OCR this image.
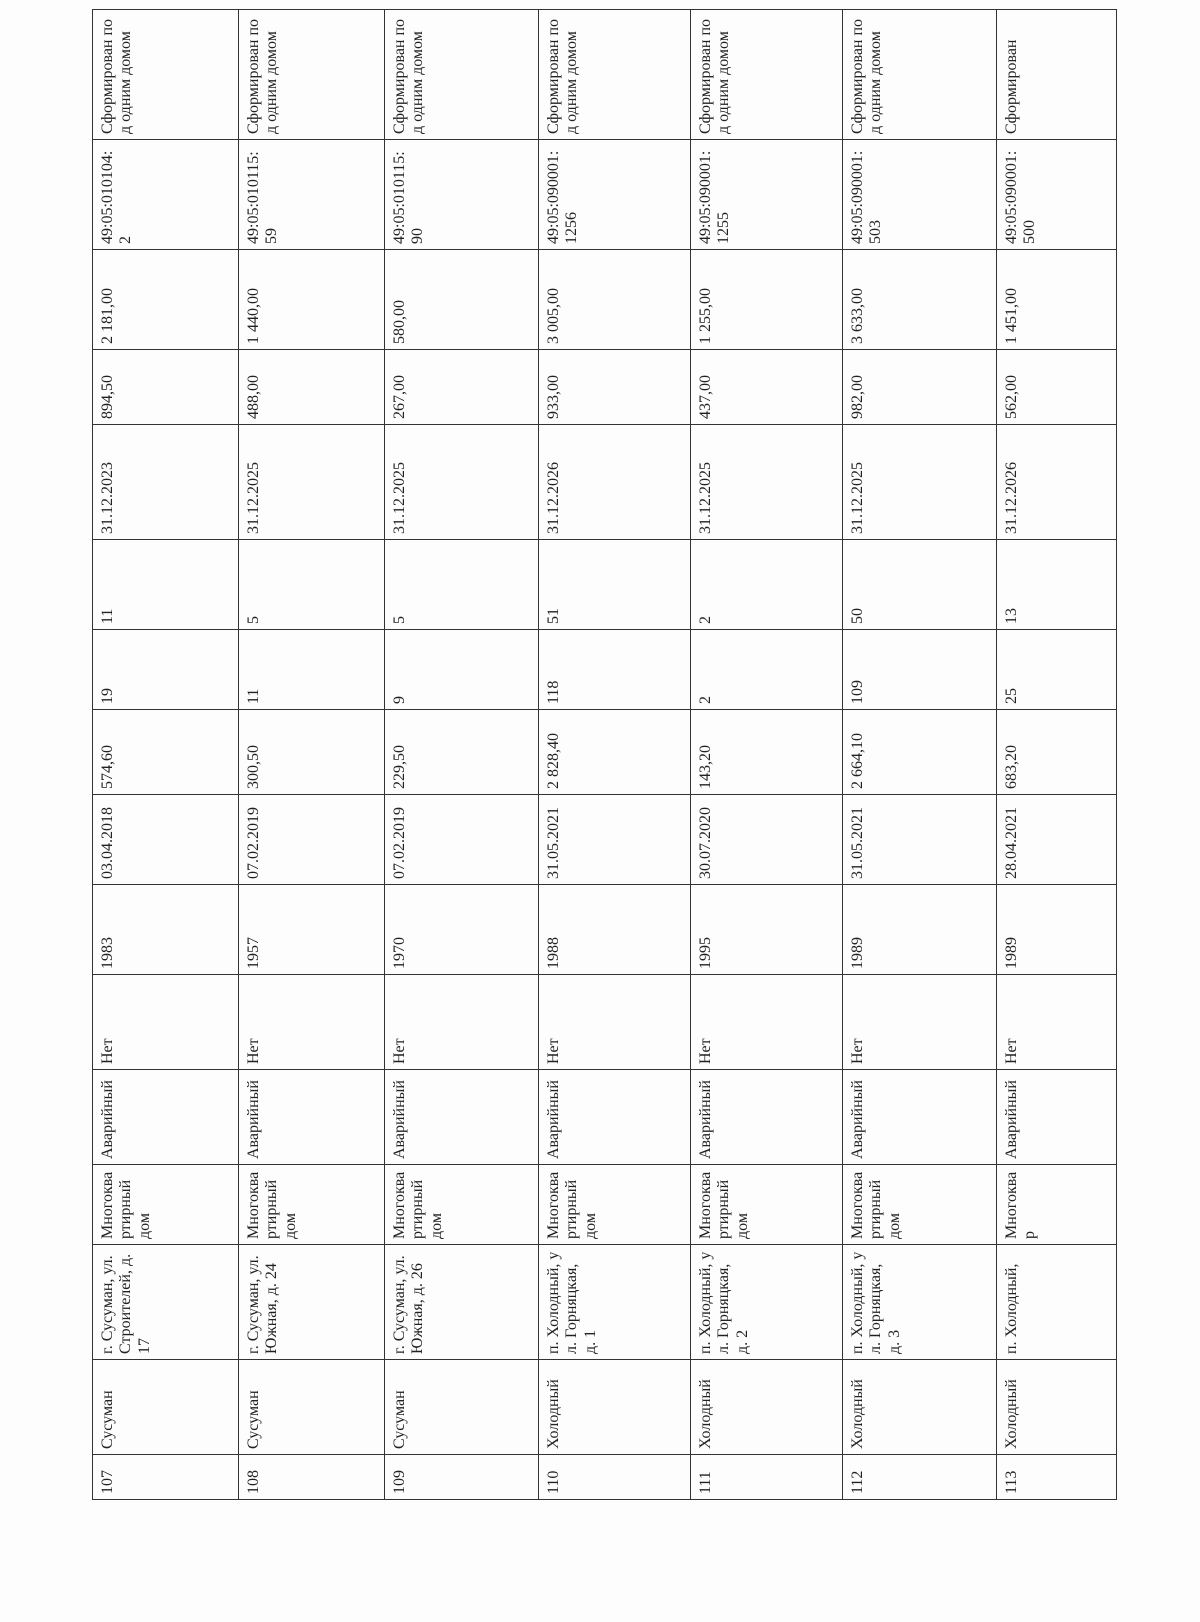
107	Сусуман	г. Сусуман, ул. Строителей, д. 17	Многоквартирный дом	Аварийный	Нет	1983	03.04.2018	574,60	19	11	31.12.2023	894,50	2 181,00	49:05:010104:2	Сформирован под одним домом
108	Сусуман	г. Сусуман, ул. Южная, д. 24	Многоквартирный дом	Аварийный	Нет	1957	07.02.2019	300,50	11	5	31.12.2025	488,00	1 440,00	49:05:010115:59	Сформирован под одним домом
109	Сусуман	г. Сусуман, ул. Южная, д. 26	Многоквартирный дом	Аварийный	Нет	1970	07.02.2019	229,50	9	5	31.12.2025	267,00	580,00	49:05:010115:90	Сформирован под одним домом
110	Холодный	п. Холодный, ул. Горняцкая, д. 1	Многоквартирный дом	Аварийный	Нет	1988	31.05.2021	2 828,40	118	51	31.12.2026	933,00	3 005,00	49:05:090001:1256	Сформирован под одним домом
111	Холодный	п. Холодный, ул. Горняцкая, д. 2	Многоквартирный дом	Аварийный	Нет	1995	30.07.2020	143,20	2	2	31.12.2025	437,00	1 255,00	49:05:090001:1255	Сформирован под одним домом
112	Холодный	п. Холодный, ул. Горняцкая, д. 3	Многоквартирный дом	Аварийный	Нет	1989	31.05.2021	2 664,10	109	50	31.12.2025	982,00	3 633,00	49:05:090001:503	Сформирован под одним домом
113	Холодный	п. Холодный,	Многоквар	Аварийный	Нет	1989	28.04.2021	683,20	25	13	31.12.2026	562,00	1 451,00	49:05:090001:500	Сформирован
